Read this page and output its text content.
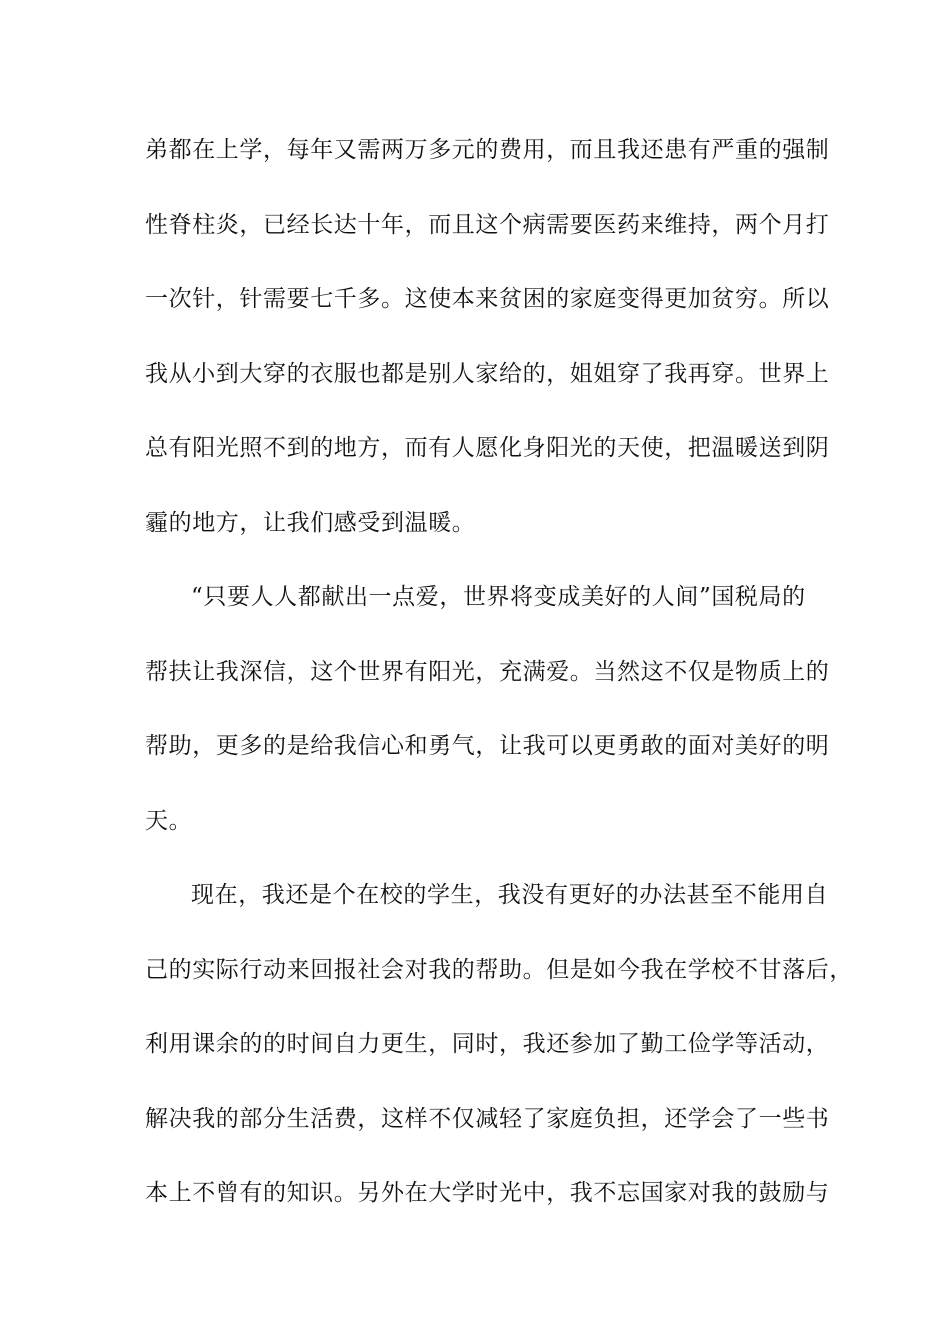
弟都在上学，每年又需两万多元的费用，而且我还患有严重的强制
性脊柱炎，已经长达十年，而且这个病需要医药来维持，两个月打
一次针，针需要七千多。这使本来贫困的家庭变得更加贫穷。所以
我从小到大穿的衣服也都是别人家给的，姐姐穿了我再穿。世界上
总有阳光照不到的地方，而有人愿化身阳光的天使，把温暖送到阴
霾的地方，让我们感受到温暖。
“只要人人都献出一点爱，世界将变成美好的人间”国税局的
帮扶让我深信，这个世界有阳光，充满爱。当然这不仅是物质上的
帮助，更多的是给我信心和勇气，让我可以更勇敢的面对美好的明
天。
现在，我还是个在校的学生，我没有更好的办法甚至不能用自
己的实际行动来回报社会对我的帮助。但是如今我在学校不甘落后，
利用课余的的时间自力更生，同时，我还参加了勤工俭学等活动，
解决我的部分生活费，这样不仅减轻了家庭负担，还学会了一些书
本上不曾有的知识。另外在大学时光中，我不忘国家对我的鼓励与
